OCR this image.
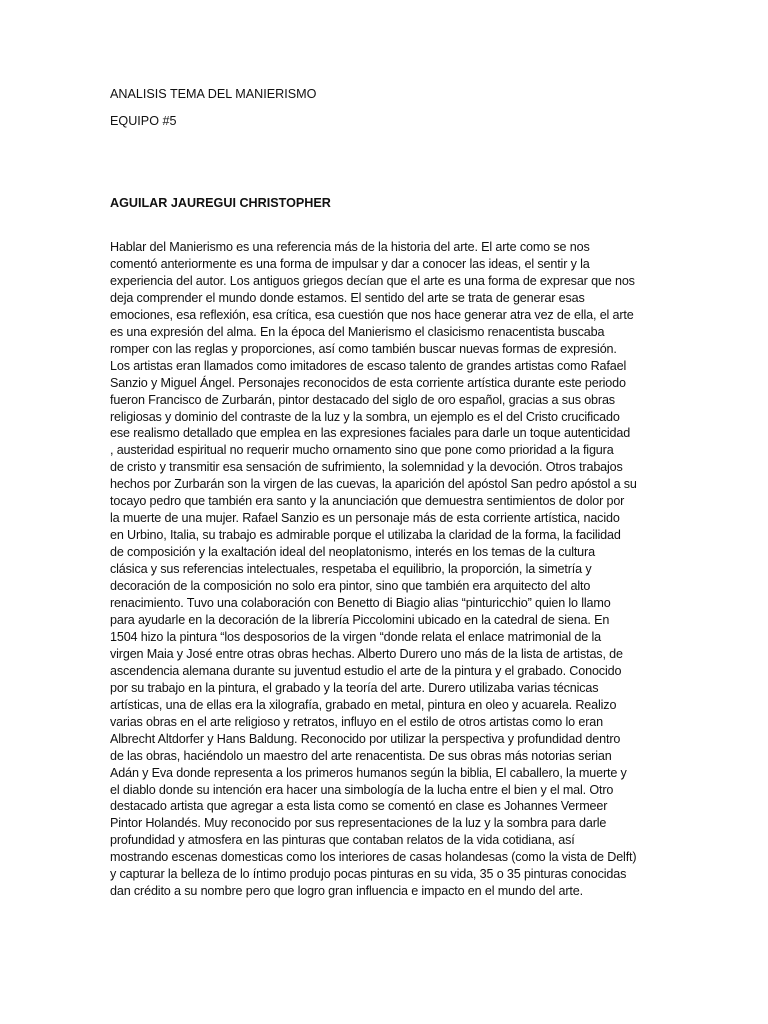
ANALISIS TEMA DEL MANIERISMO

EQUIPO #5

AGUILAR JAUREGUI CHRISTOPHER

Hablar del Manierismo es una referencia más de la historia del arte. El arte como se nos
comentó anteriormente es una forma de impulsar y dar a conocer las ideas, el sentir y la
experiencia del autor. Los antiguos griegos decían que el arte es una forma de expresar que nos
deja comprender el mundo donde estamos. El sentido del arte se trata de generar esas
emociones, esa reflexión, esa crítica, esa cuestión que nos hace generar atra vez de ella, el arte
es una expresión del alma. En la época del Manierismo el clasicismo renacentista buscaba
romper con las reglas y proporciones, así como también buscar nuevas formas de expresión.
Los artistas eran llamados como imitadores de escaso talento de grandes artistas como Rafael
Sanzio y Miguel Ángel. Personajes reconocidos de esta corriente artística durante este periodo
fueron Francisco de Zurbarán, pintor destacado del siglo de oro español, gracias a sus obras
religiosas y dominio del contraste de la luz y la sombra, un ejemplo es el del Cristo crucificado
ese realismo detallado que emplea en las expresiones faciales para darle un toque autenticidad
, austeridad espiritual no requerir mucho ornamento sino que pone como prioridad a la figura
de cristo y transmitir esa sensación de sufrimiento, la solemnidad y la devoción. Otros trabajos
hechos por Zurbarán son la virgen de las cuevas, la aparición del apóstol San pedro apóstol a su
tocayo pedro que también era santo y la anunciación que demuestra sentimientos de dolor por
la muerte de una mujer. Rafael Sanzio es un personaje más de esta corriente artística, nacido
en Urbino, Italia, su trabajo es admirable porque el utilizaba la claridad de la forma, la facilidad
de composición y la exaltación ideal del neoplatonismo, interés en los temas de la cultura
clásica y sus referencias intelectuales, respetaba el equilibrio, la proporción, la simetría y
decoración de la composición no solo era pintor, sino que también era arquitecto del alto
renacimiento. Tuvo una colaboración con Benetto di Biagio alias “pinturicchio” quien lo llamo
para ayudarle en la decoración de la librería Piccolomini ubicado en la catedral de siena. En
1504 hizo la pintura “los desposorios de la virgen “donde relata el enlace matrimonial de la
virgen Maia y José entre otras obras hechas. Alberto Durero uno más de la lista de artistas, de
ascendencia alemana durante su juventud estudio el arte de la pintura y el grabado. Conocido
por su trabajo en la pintura, el grabado y la teoría del arte. Durero utilizaba varias técnicas
artísticas, una de ellas era la xilografía, grabado en metal, pintura en oleo y acuarela. Realizo
varias obras en el arte religioso y retratos, influyo en el estilo de otros artistas como lo eran
Albrecht Altdorfer y Hans Baldung. Reconocido por utilizar la perspectiva y profundidad dentro
de las obras, haciéndolo un maestro del arte renacentista. De sus obras más notorias serian
Adán y Eva donde representa a los primeros humanos según la biblia, El caballero, la muerte y
el diablo donde su intención era hacer una simbología de la lucha entre el bien y el mal. Otro
destacado artista que agregar a esta lista como se comentó en clase es Johannes Vermeer
Pintor Holandés. Muy reconocido por sus representaciones de la luz y la sombra para darle
profundidad y atmosfera en las pinturas que contaban relatos de la vida cotidiana, así
mostrando escenas domesticas como los interiores de casas holandesas (como la vista de Delft)
y capturar la belleza de lo íntimo produjo pocas pinturas en su vida, 35 o 35 pinturas conocidas
dan crédito a su nombre pero que logro gran influencia e impacto en el mundo del arte.
